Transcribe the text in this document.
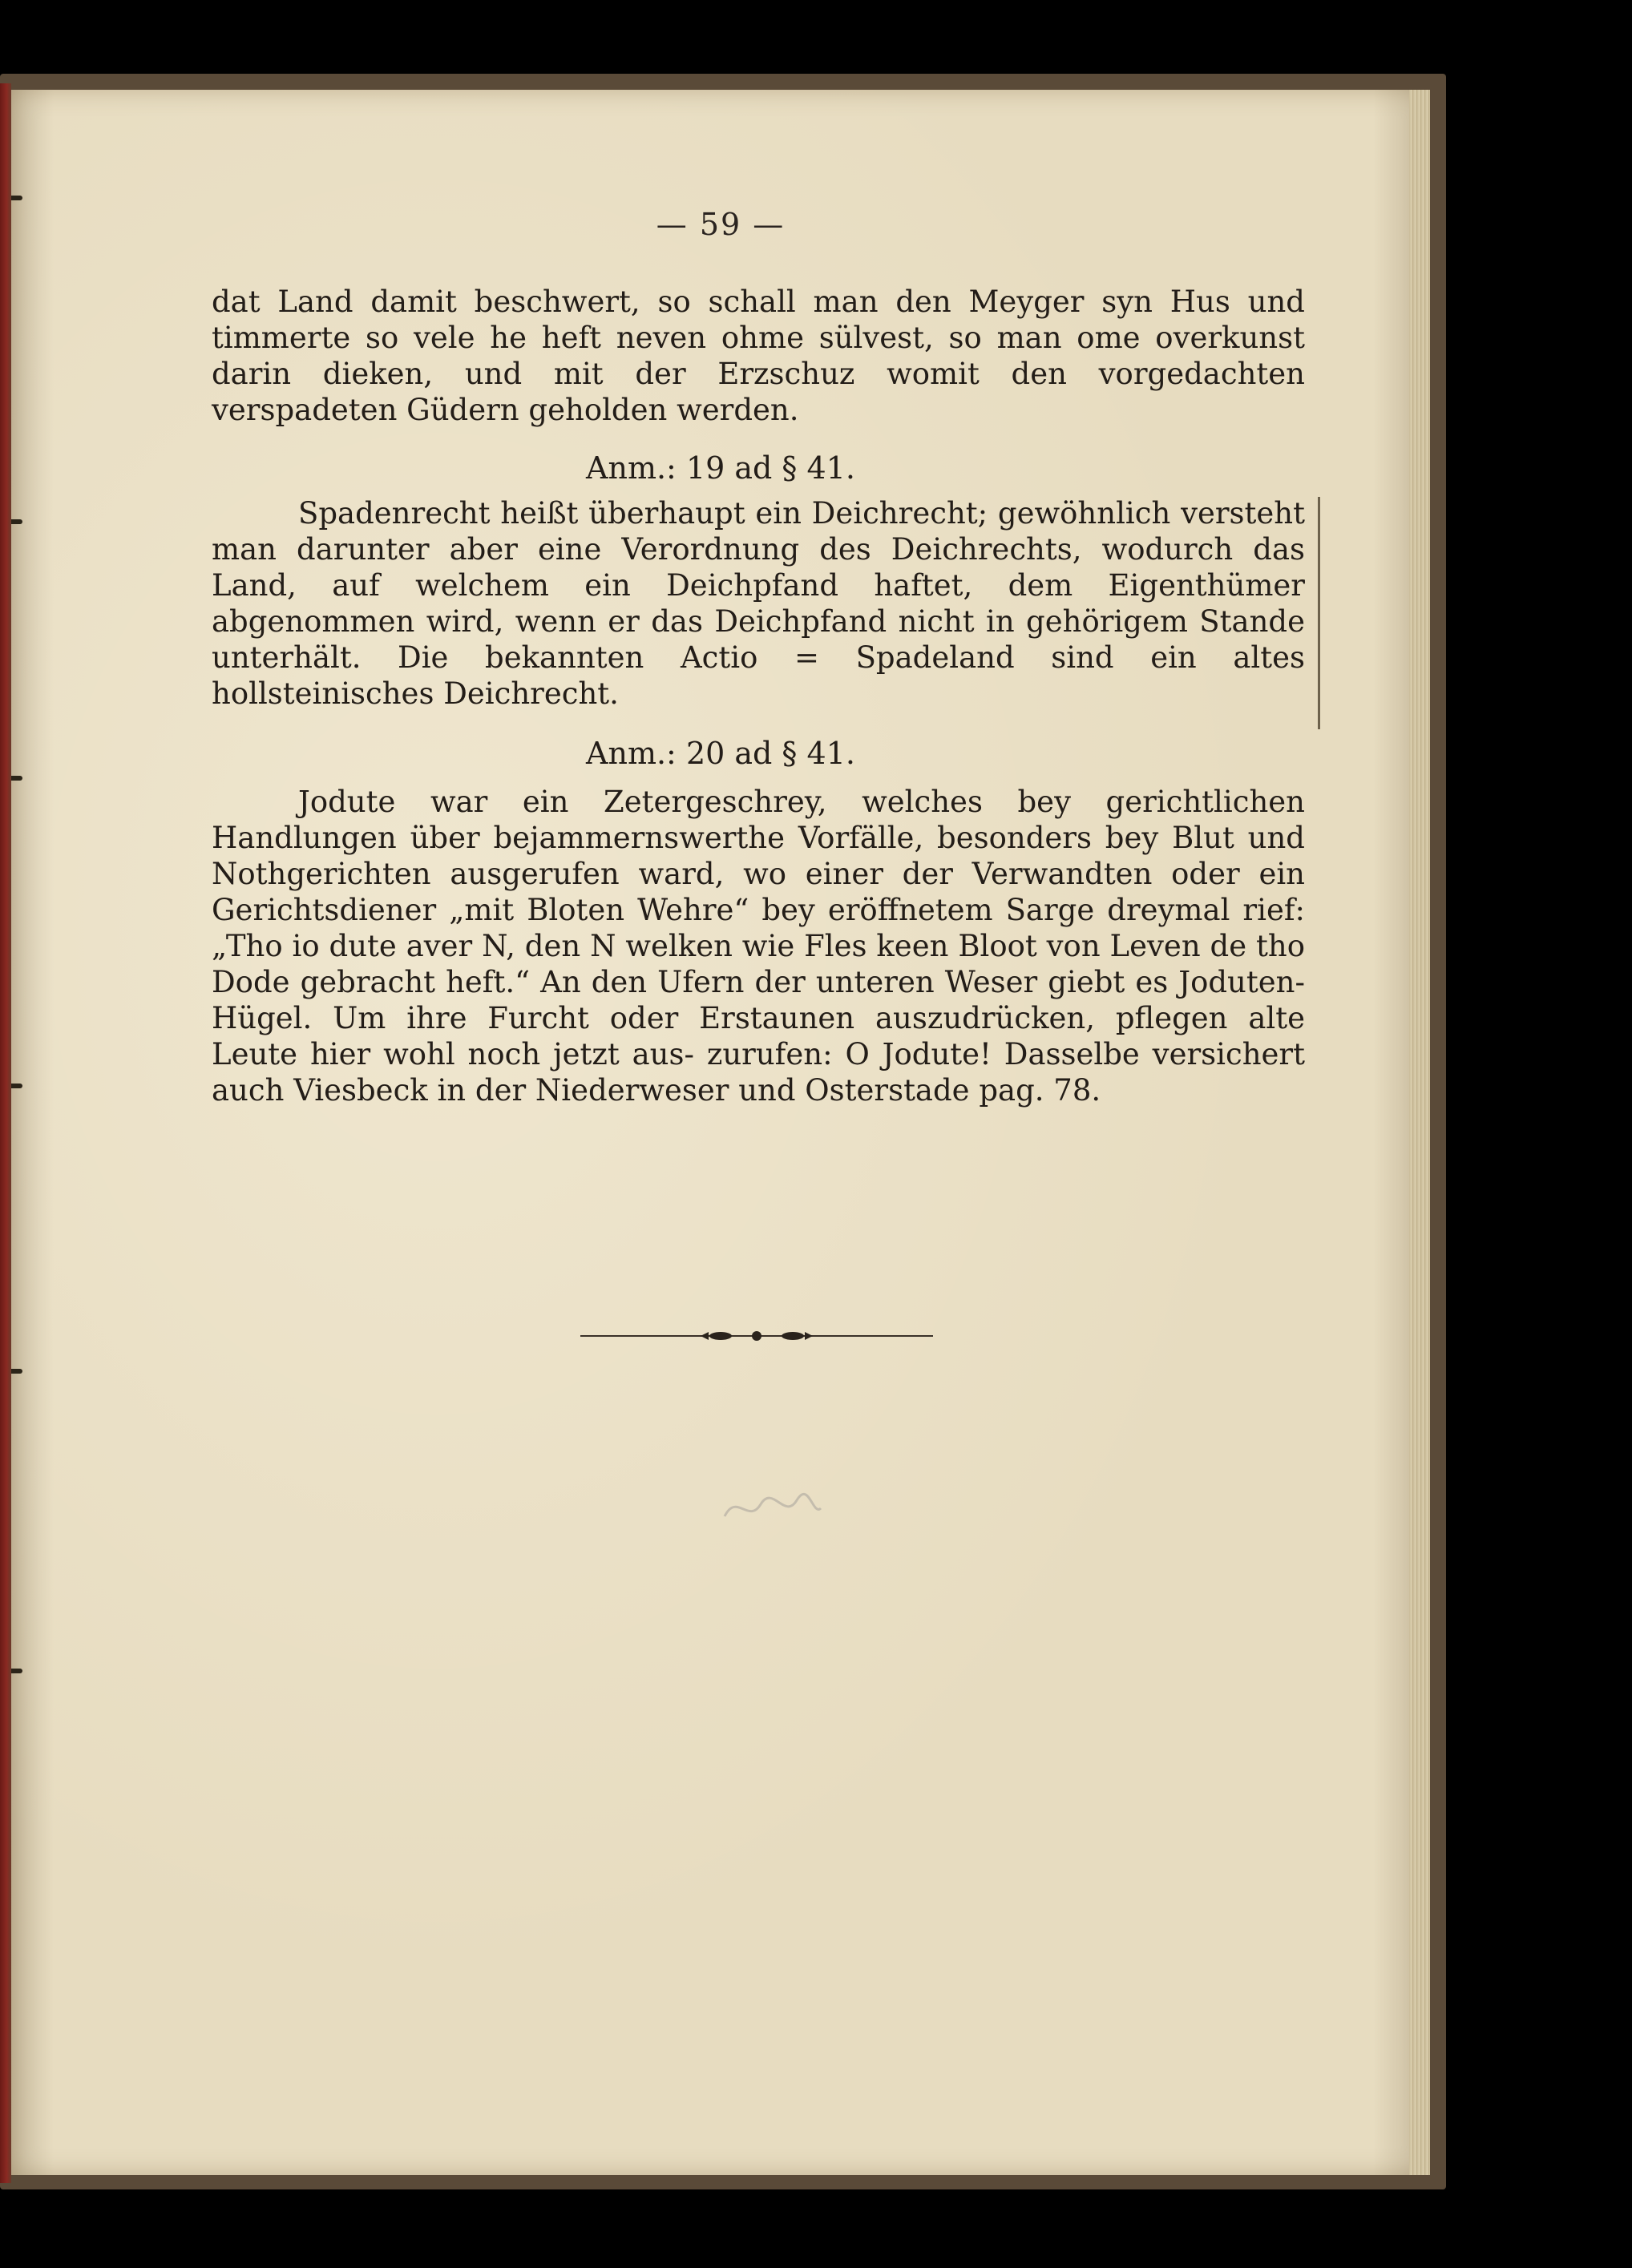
— 59 —

dat Land damit beschwert, so schall man den Meyger syn Hus und timmerte so vele he heft neven ohme sülvest, so man ome overkunst darin dieken, und mit der Erzschuz womit den vorgedachten verspadeten Güdern geholden werden.

Anm.: 19 ad § 41.

Spadenrecht heißt überhaupt ein Deichrecht; gewöhnlich versteht man darunter aber eine Verordnung des Deichrechts, wodurch das Land, auf welchem ein Deichpfand haftet, dem Eigenthümer abgenommen wird, wenn er das Deichpfand nicht in gehörigem Stande unterhält. Die bekannten Actio = Spadeland sind ein altes hollsteinisches Deichrecht.

Anm.: 20 ad § 41.

Jodute war ein Zetergeschrey, welches bey gerichtlichen Handlungen über bejammernswerthe Vorfälle, besonders bey Blut und Nothgerichten ausgerufen ward, wo einer der Verwandten oder ein Gerichtsdiener „mit Bloten Wehre“ bey eröffnetem Sarge dreymal rief: „Tho io dute aver N, den N welken wie Fles keen Bloot von Leven de tho Dode gebracht heft.“ An den Ufern der unteren Weser giebt es Joduten-Hügel. Um ihre Furcht oder Erstaunen auszudrücken, pflegen alte Leute hier wohl noch jetzt aus- zurufen: O Jodute! Dasselbe versichert auch Viesbeck in der Niederweser und Osterstade pag. 78.
